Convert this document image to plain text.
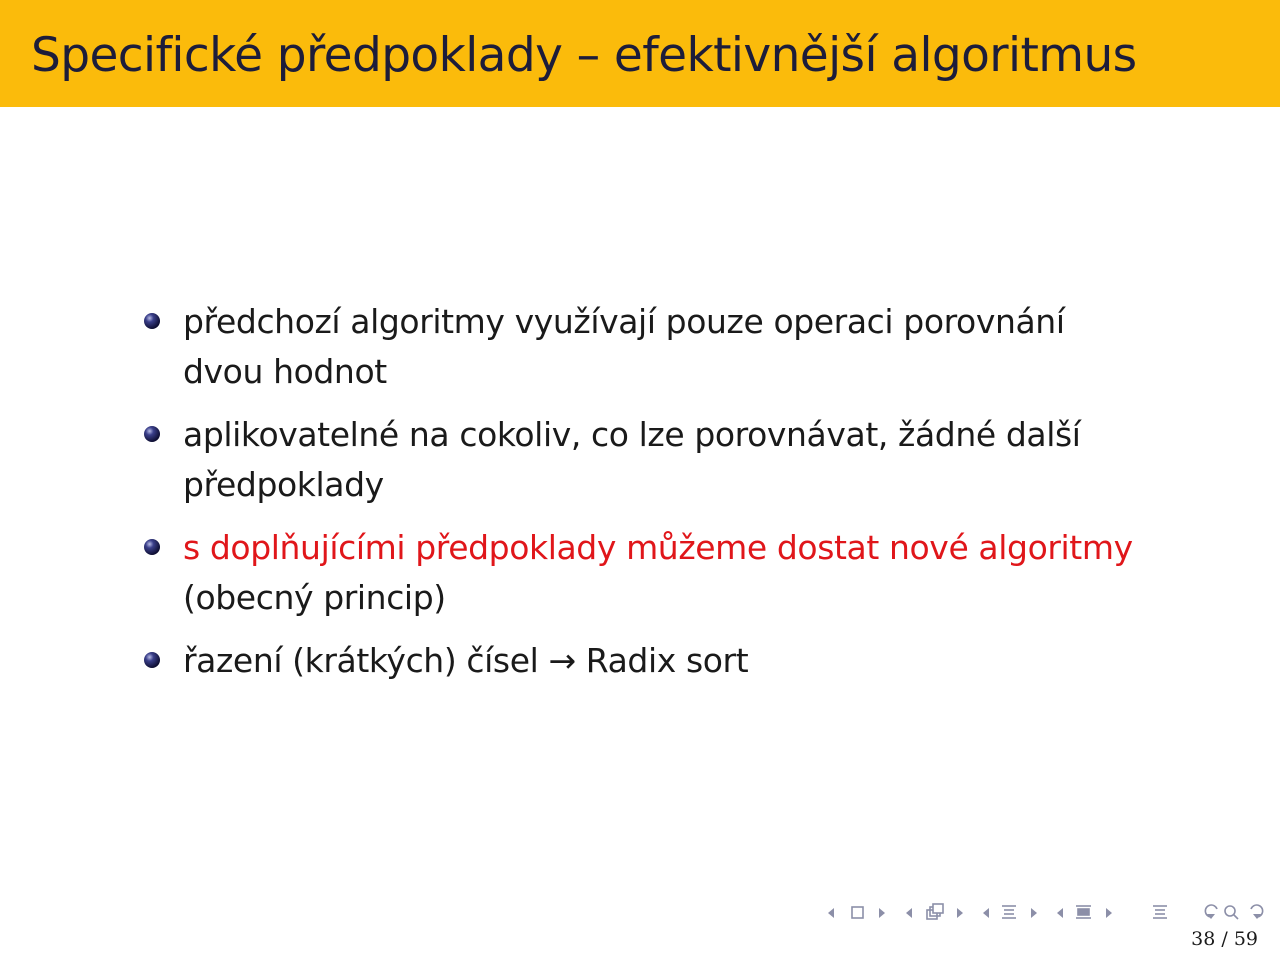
Specifické předpoklady – efektivnější algoritmus
předchozí algoritmy využívají pouze operaci porovnání
dvou hodnot
aplikovatelné na cokoliv, co lze porovnávat, žádné další
předpoklady
s doplňujícími předpoklady můžeme dostat nové algoritmy
(obecný princip)
řazení (krátkých) čísel → Radix sort
38 / 59
